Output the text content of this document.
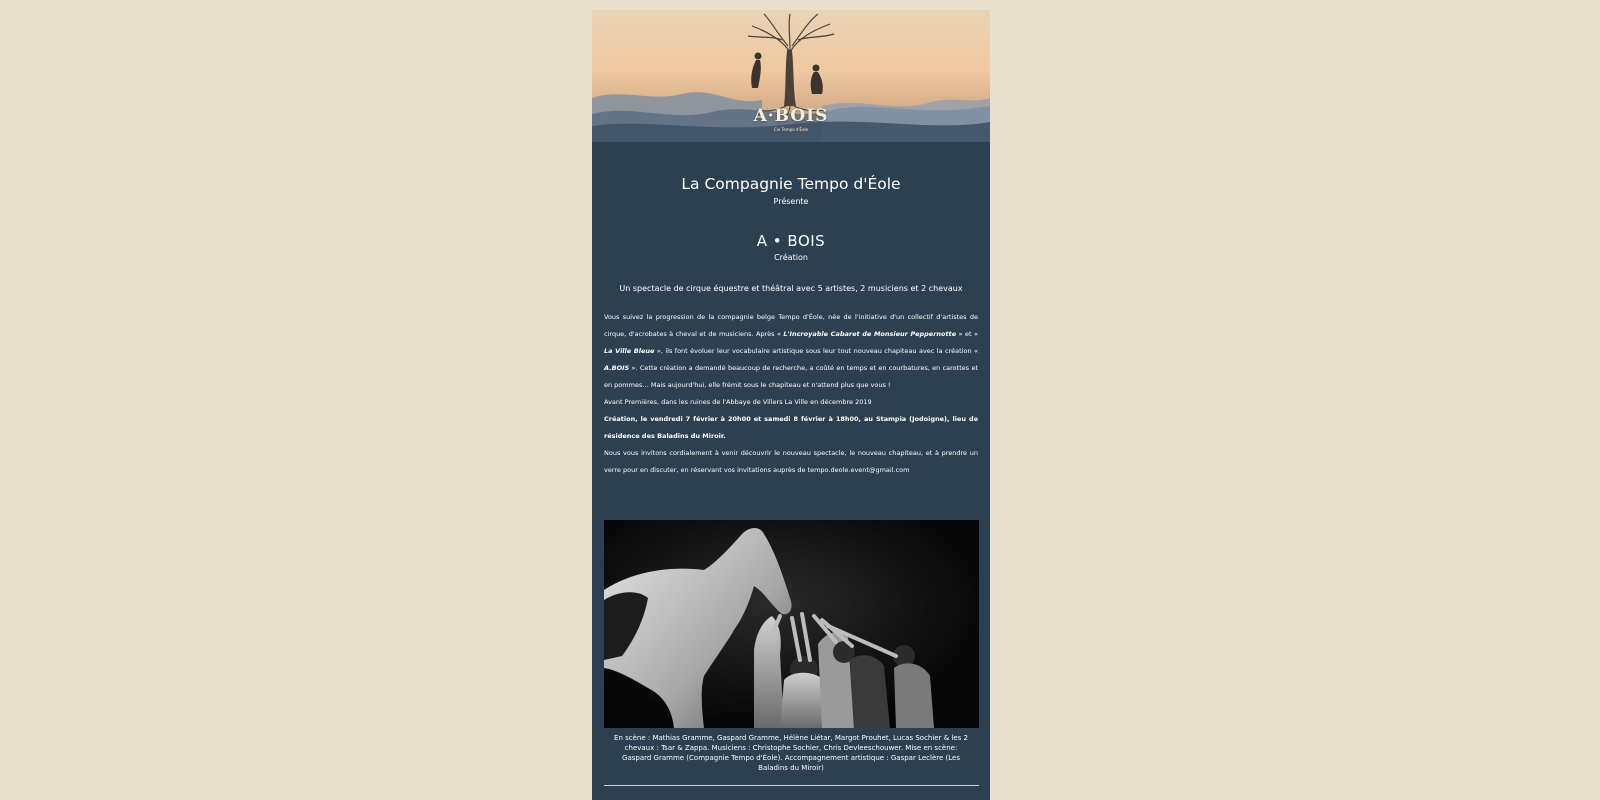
A·BOIS
Cie Tempo d'Éole
La Compagnie Tempo d'Éole
Présente
A • BOIS
Création
Un spectacle de cirque équestre et théâtral avec 5 artistes, 2 musiciens et 2 chevaux

Vous suivez la progression de la compagnie belge Tempo d'Éole, née de l'initiative d'un collectif d'artistes de cirque, d'acrobates à cheval et de musiciens. Après « L'Incroyable Cabaret de Monsieur Peppernotte » et « La Ville Bleue », ils font évoluer leur vocabulaire artistique sous leur tout nouveau chapiteau avec la création « A.BOIS ». Cette création a demandé beaucoup de recherche, a coûté en temps et en courbatures, en carottes et en pommes… Mais aujourd'hui, elle frémit sous le chapiteau et n'attend plus que vous !

Avant Premières, dans les ruines de l'Abbaye de Villers La Ville en décembre 2019

Création, le vendredi 7 février à 20h00 et samedi 8 février à 18h00, au Stampia (Jodoigne), lieu de résidence des Baladins du Miroir.

Nous vous invitons cordialement à venir découvrir le nouveau spectacle, le nouveau chapiteau, et à prendre un verre pour en discuter, en réservant vos invitations auprès de tempo.deole.event@gmail.com

En scène : Mathias Gramme, Gaspard Gramme, Hélène Liétar, Margot Prouhet, Lucas Sochier & les 2 chevaux : Tsar & Zappa. Musiciens : Christophe Sochier, Chris Devleeschouwer. Mise en scène: Gaspard Gramme (Compagnie Tempo d'Éole). Accompagnement artistique : Gaspar Leclère (Les Baladins du Miroir)
